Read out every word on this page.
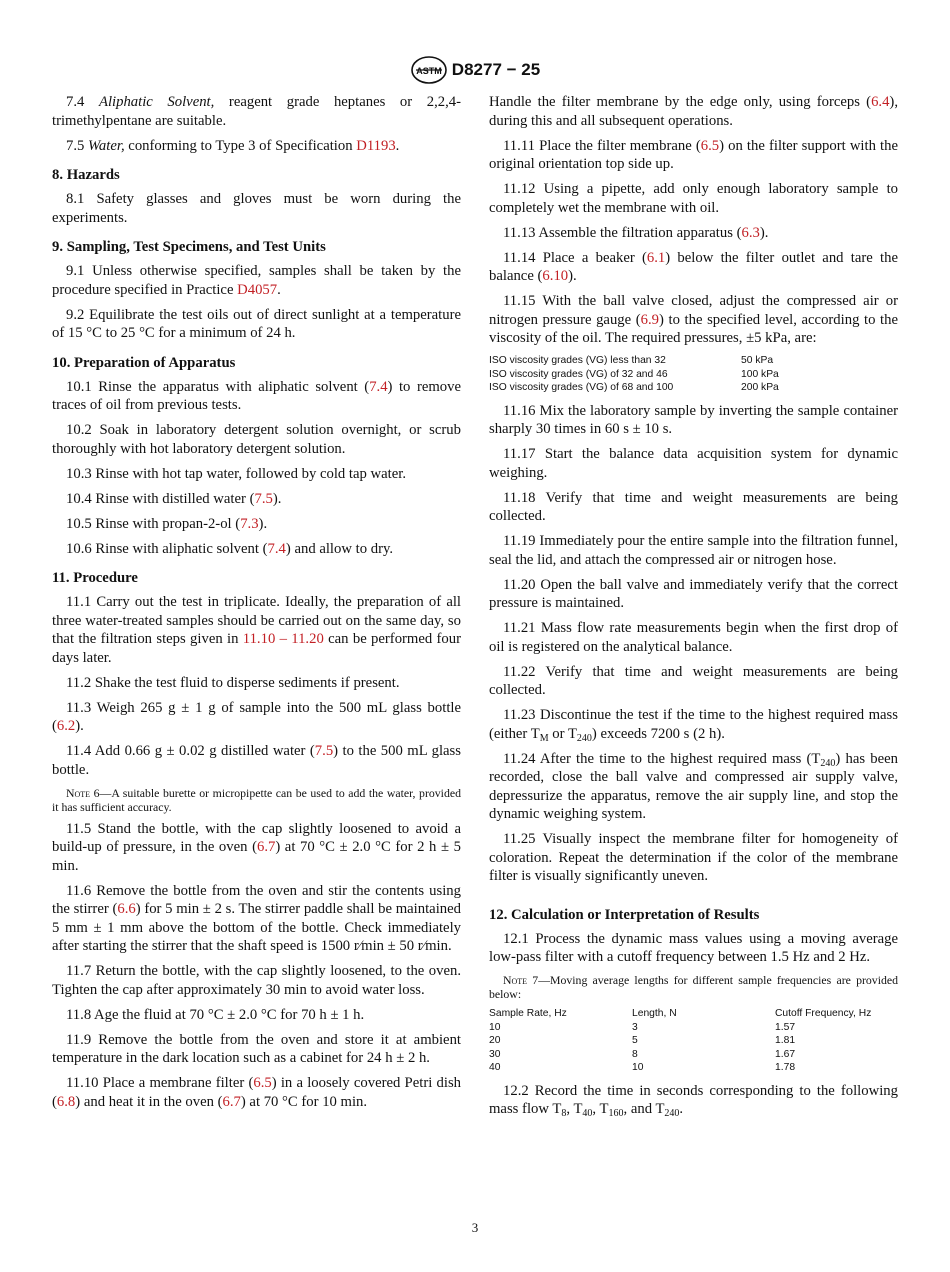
ASTM D8277 − 25

7.4 Aliphatic Solvent, reagent grade heptanes or 2,2,4-trimethylpentane are suitable.

7.5 Water, conforming to Type 3 of Specification D1193.

8. Hazards

8.1 Safety glasses and gloves must be worn during the experiments.

9. Sampling, Test Specimens, and Test Units

9.1 Unless otherwise specified, samples shall be taken by the procedure specified in Practice D4057.

9.2 Equilibrate the test oils out of direct sunlight at a temperature of 15 °C to 25 °C for a minimum of 24 h.

10. Preparation of Apparatus

10.1 Rinse the apparatus with aliphatic solvent (7.4) to remove traces of oil from previous tests.

10.2 Soak in laboratory detergent solution overnight, or scrub thoroughly with hot laboratory detergent solution.

10.3 Rinse with hot tap water, followed by cold tap water.

10.4 Rinse with distilled water (7.5).

10.5 Rinse with propan-2-ol (7.3).

10.6 Rinse with aliphatic solvent (7.4) and allow to dry.

11. Procedure

11.1 Carry out the test in triplicate. Ideally, the preparation of all three water-treated samples should be carried out on the same day, so that the filtration steps given in 11.10 – 11.20 can be performed four days later.

11.2 Shake the test fluid to disperse sediments if present.

11.3 Weigh 265 g ± 1 g of sample into the 500 mL glass bottle (6.2).

11.4 Add 0.66 g ± 0.02 g distilled water (7.5) to the 500 mL glass bottle.

Note 6—A suitable burette or micropipette can be used to add the water, provided it has sufficient accuracy.

11.5 Stand the bottle, with the cap slightly loosened to avoid a build-up of pressure, in the oven (6.7) at 70 °C ± 2.0 °C for 2 h ± 5 min.

11.6 Remove the bottle from the oven and stir the contents using the stirrer (6.6) for 5 min ± 2 s. The stirrer paddle shall be maintained 5 mm ± 1 mm above the bottom of the bottle. Check immediately after starting the stirrer that the shaft speed is 1500 r⁄min ± 50 r⁄min.

11.7 Return the bottle, with the cap slightly loosened, to the oven. Tighten the cap after approximately 30 min to avoid water loss.

11.8 Age the fluid at 70 °C ± 2.0 °C for 70 h ± 1 h.

11.9 Remove the bottle from the oven and store it at ambient temperature in the dark location such as a cabinet for 24 h ± 2 h.

11.10 Place a membrane filter (6.5) in a loosely covered Petri dish (6.8) and heat it in the oven (6.7) at 70 °C for 10 min.

Handle the filter membrane by the edge only, using forceps (6.4), during this and all subsequent operations.

11.11 Place the filter membrane (6.5) on the filter support with the original orientation top side up.

11.12 Using a pipette, add only enough laboratory sample to completely wet the membrane with oil.

11.13 Assemble the filtration apparatus (6.3).

11.14 Place a beaker (6.1) below the filter outlet and tare the balance (6.10).

11.15 With the ball valve closed, adjust the compressed air or nitrogen pressure gauge (6.9) to the specified level, according to the viscosity of the oil. The required pressures, ±5 kPa, are:

ISO viscosity grades (VG) less than 32	50 kPa
ISO viscosity grades (VG) of 32 and 46	100 kPa
ISO viscosity grades (VG) of 68 and 100	200 kPa

11.16 Mix the laboratory sample by inverting the sample container sharply 30 times in 60 s ± 10 s.

11.17 Start the balance data acquisition system for dynamic weighing.

11.18 Verify that time and weight measurements are being collected.

11.19 Immediately pour the entire sample into the filtration funnel, seal the lid, and attach the compressed air or nitrogen hose.

11.20 Open the ball valve and immediately verify that the correct pressure is maintained.

11.21 Mass flow rate measurements begin when the first drop of oil is registered on the analytical balance.

11.22 Verify that time and weight measurements are being collected.

11.23 Discontinue the test if the time to the highest required mass (either $T_M$ or $T_{240}$) exceeds 7200 s (2 h).

11.24 After the time to the highest required mass $(T_{240})$ has been recorded, close the ball valve and compressed air supply valve, depressurize the apparatus, remove the air supply line, and stop the dynamic weighing system.

11.25 Visually inspect the membrane filter for homogeneity of coloration. Repeat the determination if the color of the membrane filter is visually significantly uneven.

12. Calculation or Interpretation of Results

12.1 Process the dynamic mass values using a moving average low-pass filter with a cutoff frequency between 1.5 Hz and 2 Hz.

Note 7—Moving average lengths for different sample frequencies are provided below:
Sample Rate, Hz	Length, N	Cutoff Frequency, Hz
10	3	1.57
20	5	1.81
30	8	1.67
40	10	1.78

12.2 Record the time in seconds corresponding to the following mass flow $T_8$, $T_{40}$, $T_{160}$, and $T_{240}$.

3
